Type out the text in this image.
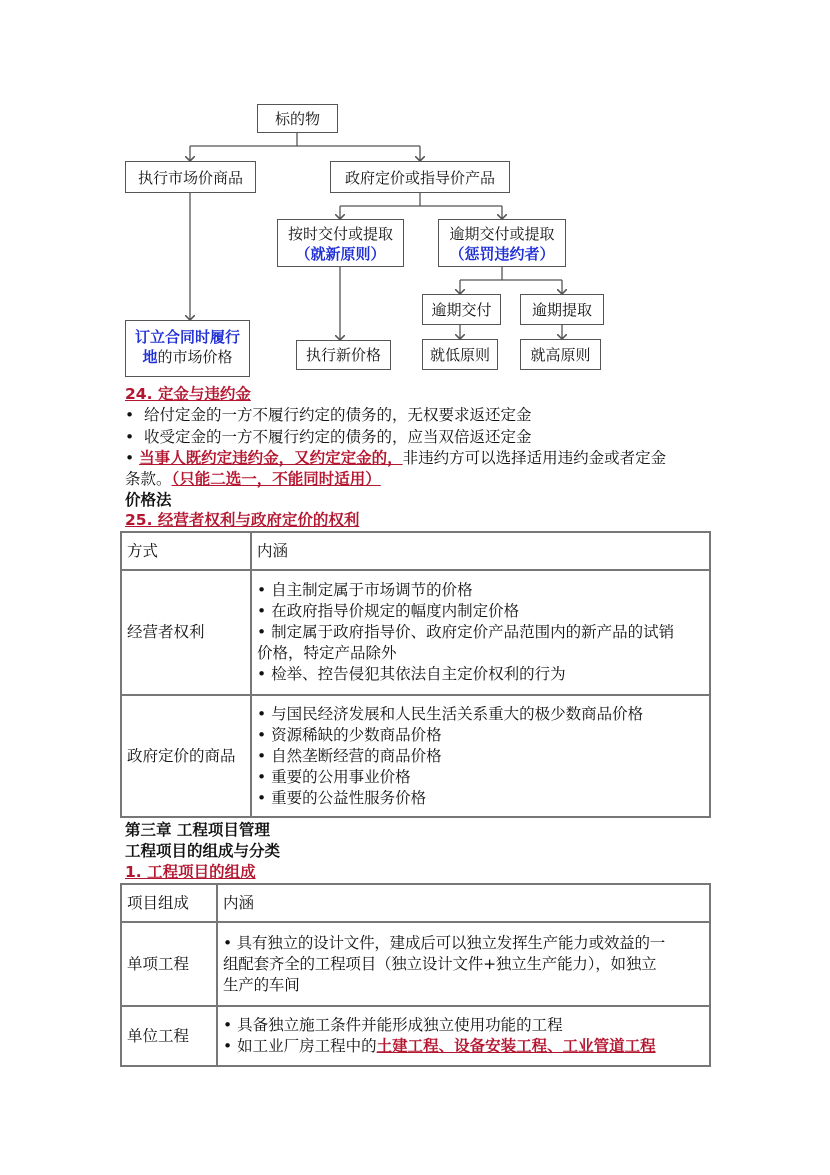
标的物
执行市场价商品	政府定价或指导价产品
按时交付或提取
（就新原则）
逾期交付或提取
（惩罚违约者）
逾期交付	逾期提取
订立合同时履行地的市场价格	执行新价格	就低原则	就高原则
24. 定金与违约金
•  给付定金的一方不履行约定的债务的，无权要求返还定金
•  收受定金的一方不履行约定的债务的，应当双倍返还定金
• 当事人既约定违约金，又约定定金的，非违约方可以选择适用违约金或者定金
条款。（只能二选一，不能同时适用）
价格法
25. 经营者权利与政府定价的权利
方式	内涵
经营者权利	• 自主制定属于市场调节的价格
• 在政府指导价规定的幅度内制定价格
• 制定属于政府指导价、政府定价产品范围内的新产品的试销
价格，特定产品除外
• 检举、控告侵犯其依法自主定价权利的行为

政府定价的商品	• 与国民经济发展和人民生活关系重大的极少数商品价格
• 资源稀缺的少数商品价格
• 自然垄断经营的商品价格
• 重要的公用事业价格
• 重要的公益性服务价格
第三章 工程项目管理
工程项目的组成与分类
1. 工程项目的组成
项目组成	内涵
单项工程	• 具有独立的设计文件，建成后可以独立发挥生产能力或效益的一
组配套齐全的工程项目（独立设计文件+独立生产能力），如独立
生产的车间

单位工程	• 具备独立施工条件并能形成独立使用功能的工程
• 如工业厂房工程中的土建工程、设备安装工程、工业管道工程
